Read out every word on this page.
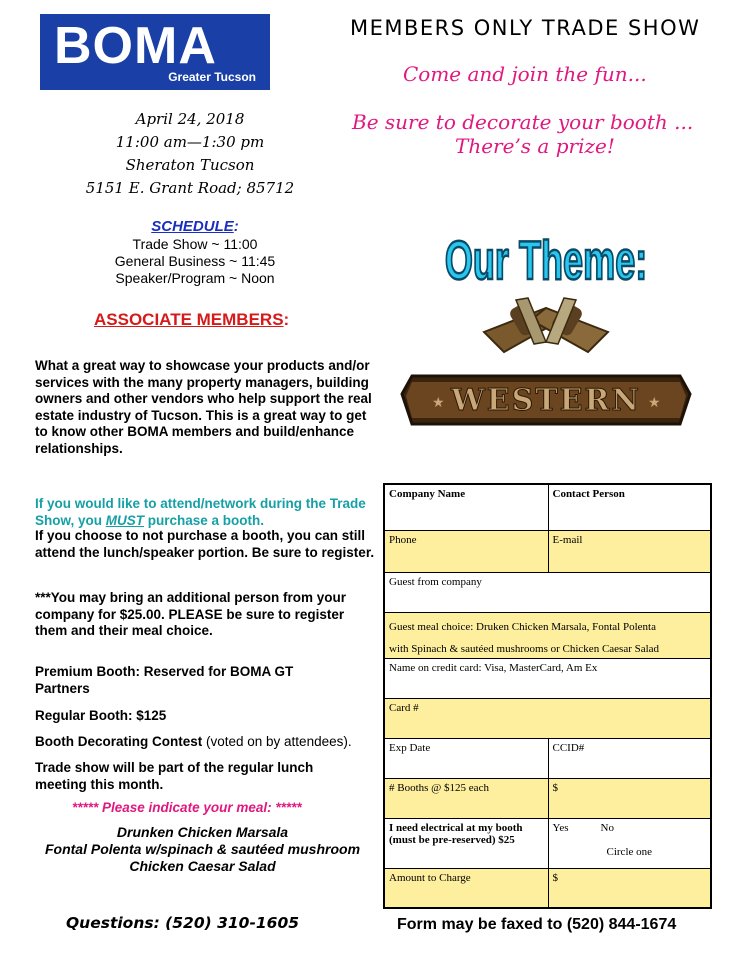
BOMA
Greater Tucson
MEMBERS ONLY TRADE SHOW
Come and join the fun...
Be sure to decorate your booth ...
There’s a prize!
April 24, 2018
11:00 am—1:30 pm
Sheraton Tucson
5151 E. Grant Road; 85712
SCHEDULE:
Trade Show ~ 11:00
General Business ~ 11:45
Speaker/Program ~ Noon
ASSOCIATE MEMBERS:
What a great way to showcase your products and/or services with the many property managers, building owners and other vendors who help support the real estate industry of Tucson. This is a great way to get to know other BOMA members and build/enhance relationships.
If you would like to attend/network during the Trade Show, you MUST purchase a booth.
If you choose to not purchase a booth, you can still attend the lunch/speaker portion. Be sure to register.
***You may bring an additional person from your company for $25.00. PLEASE be sure to register them and their meal choice.
Premium Booth: Reserved for BOMA GT Partners
Regular Booth: $125
Booth Decorating Contest (voted on by attendees).
Trade show will be part of the regular lunch meeting this month.
***** Please indicate your meal: *****
Drunken Chicken Marsala
Fontal Polenta w/spinach & sautéed mushroom
Chicken Caesar Salad
Our Theme:
WESTERN
★	★
Company Name	Contact Person
Phone	E-mail
Guest from company
Guest meal choice: Druken Chicken Marsala, Fontal Polenta
with Spinach & sautéed mushrooms or Chicken Caesar Salad
Name on credit card: Visa, MasterCard, Am Ex
Card #
Exp Date	CCID#
# Booths @ $125 each	$
I need electrical at my booth (must be pre-reserved) $25
Yes	No
Circle one
Amount to Charge	$
Questions: (520) 310-1605	Form may be faxed to (520) 844-1674
